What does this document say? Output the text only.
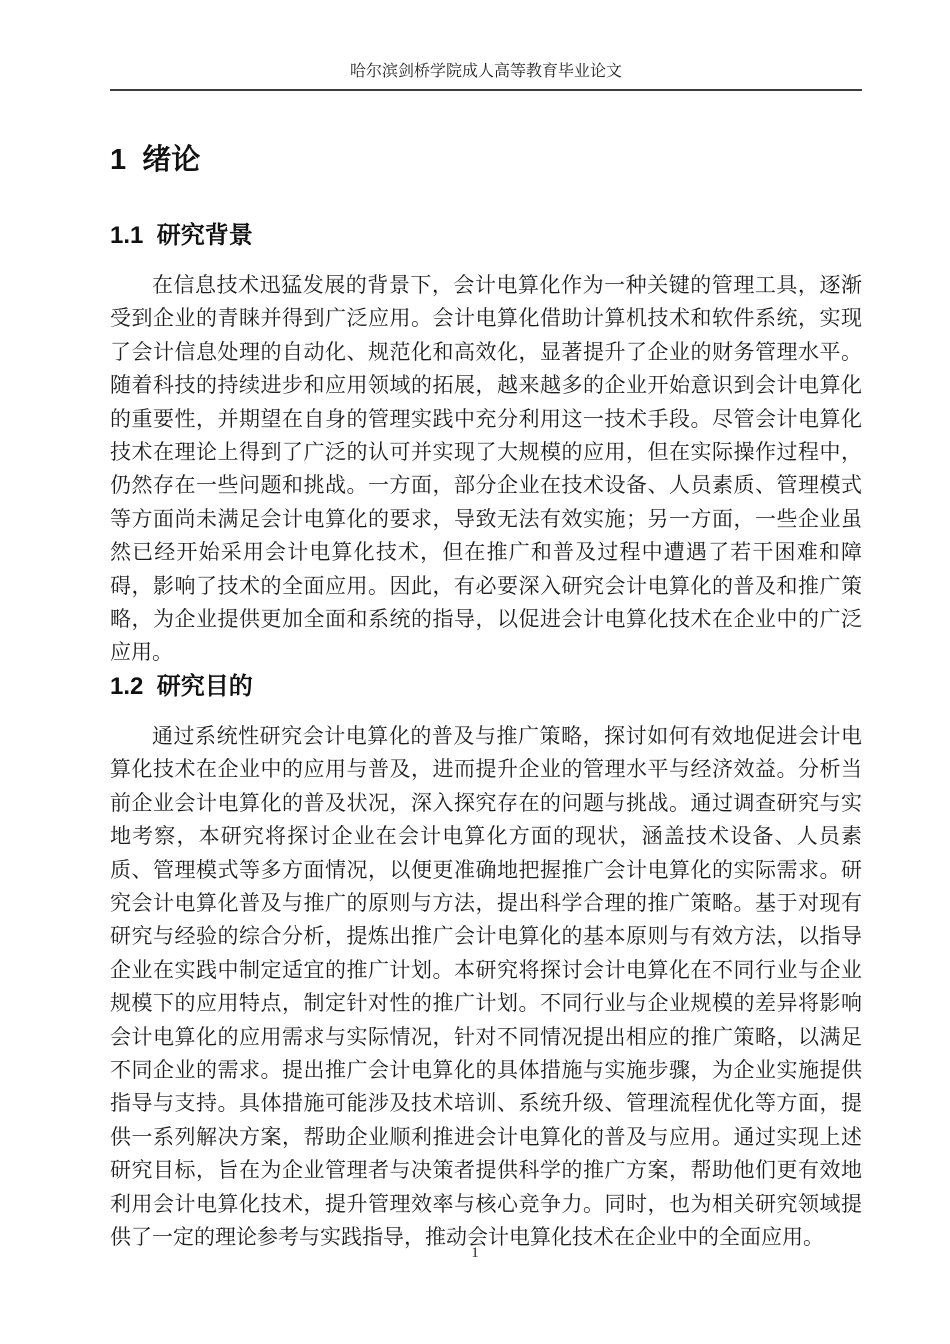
哈尔滨剑桥学院成人高等教育毕业论文
1  绪论
1.1  研究背景

在信息技术迅猛发展的背景下，会计电算化作为一种关键的管理工具，逐渐受到企业的青睐并得到广泛应用。会计电算化借助计算机技术和软件系统，实现了会计信息处理的自动化、规范化和高效化，显著提升了企业的财务管理水平。随着科技的持续进步和应用领域的拓展，越来越多的企业开始意识到会计电算化的重要性，并期望在自身的管理实践中充分利用这一技术手段。尽管会计电算化技术在理论上得到了广泛的认可并实现了大规模的应用，但在实际操作过程中，仍然存在一些问题和挑战。一方面，部分企业在技术设备、人员素质、管理模式等方面尚未满足会计电算化的要求，导致无法有效实施；另一方面，一些企业虽然已经开始采用会计电算化技术，但在推广和普及过程中遭遇了若干困难和障碍，影响了技术的全面应用。因此，有必要深入研究会计电算化的普及和推广策略，为企业提供更加全面和系统的指导，以促进会计电算化技术在企业中的广泛应用。

1.2  研究目的

通过系统性研究会计电算化的普及与推广策略，探讨如何有效地促进会计电算化技术在企业中的应用与普及，进而提升企业的管理水平与经济效益。分析当前企业会计电算化的普及状况，深入探究存在的问题与挑战。通过调查研究与实地考察，本研究将探讨企业在会计电算化方面的现状，涵盖技术设备、人员素质、管理模式等多方面情况，以便更准确地把握推广会计电算化的实际需求。研究会计电算化普及与推广的原则与方法，提出科学合理的推广策略。基于对现有研究与经验的综合分析，提炼出推广会计电算化的基本原则与有效方法，以指导企业在实践中制定适宜的推广计划。本研究将探讨会计电算化在不同行业与企业规模下的应用特点，制定针对性的推广计划。不同行业与企业规模的差异将影响会计电算化的应用需求与实际情况，针对不同情况提出相应的推广策略，以满足不同企业的需求。提出推广会计电算化的具体措施与实施步骤，为企业实施提供指导与支持。具体措施可能涉及技术培训、系统升级、管理流程优化等方面，提供一系列解决方案，帮助企业顺利推进会计电算化的普及与应用。通过实现上述研究目标，旨在为企业管理者与决策者提供科学的推广方案，帮助他们更有效地利用会计电算化技术，提升管理效率与核心竞争力。同时，也为相关研究领域提供了一定的理论参考与实践指导，推动会计电算化技术在企业中的全面应用。

1
